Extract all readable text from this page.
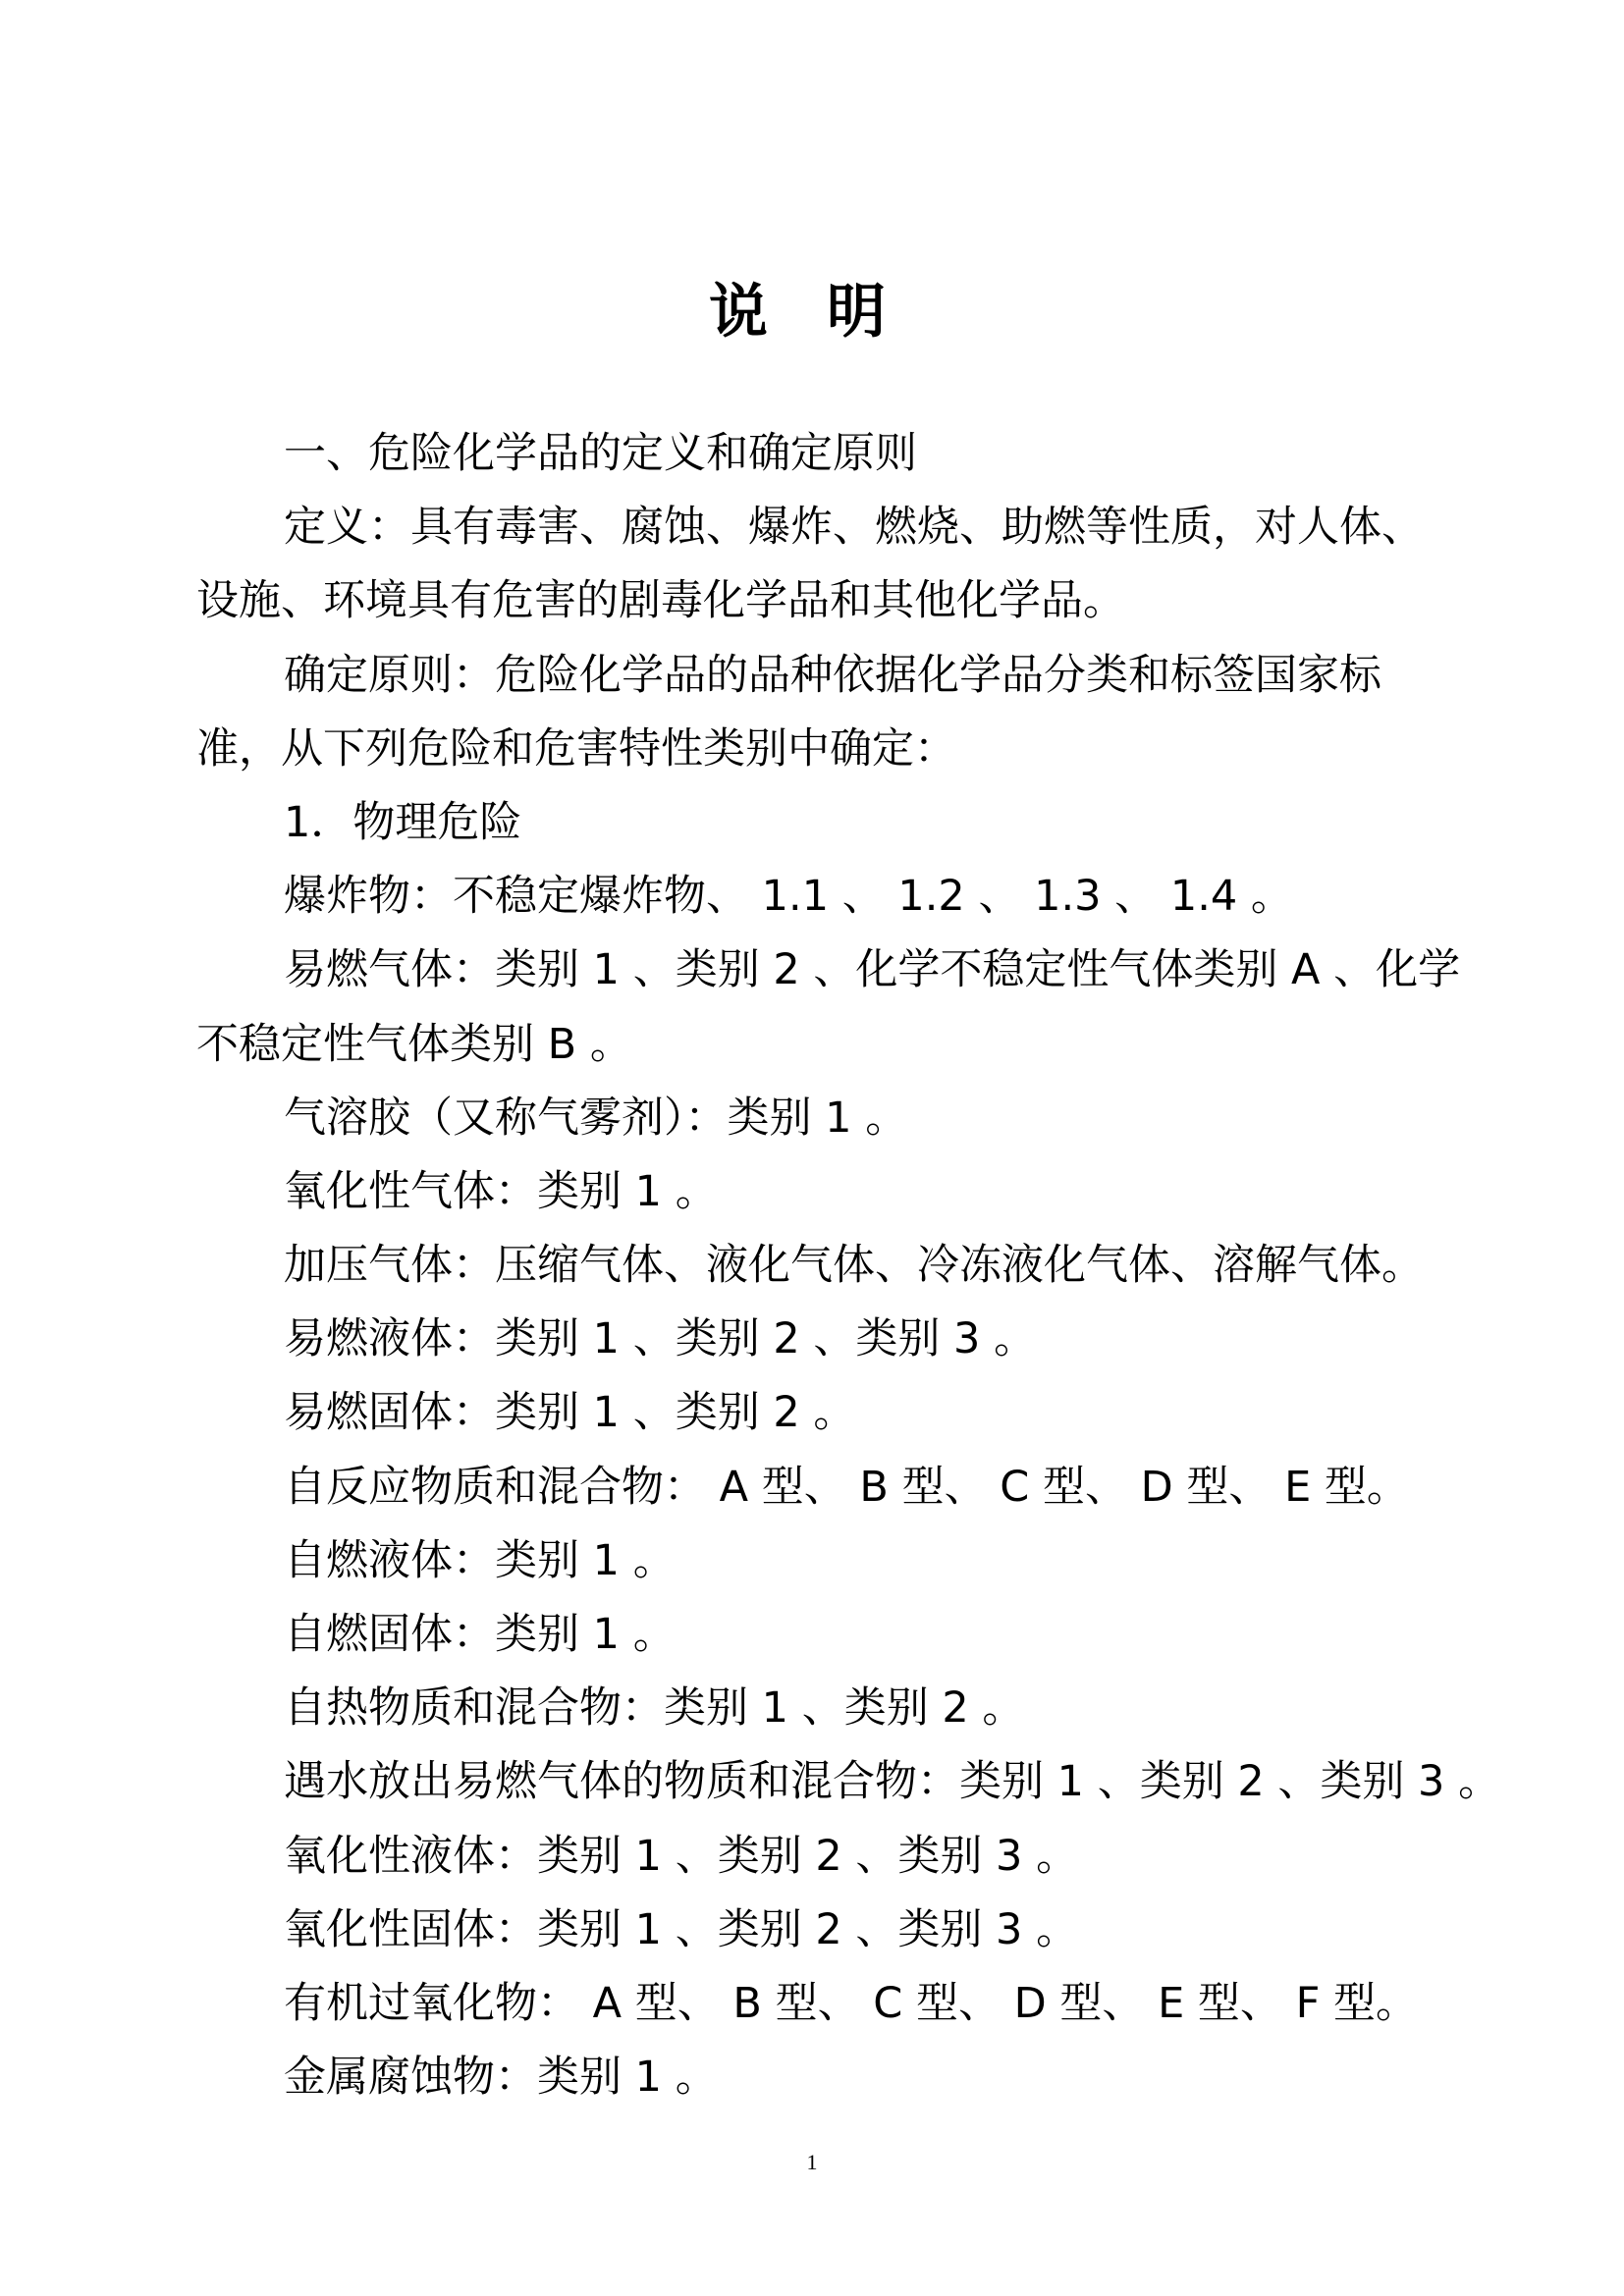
说明
一、危险化学品的定义和确定原则
定义：具有毒害、腐蚀、爆炸、燃烧、助燃等性质，对人体、
设施、环境具有危害的剧毒化学品和其他化学品。
确定原则：危险化学品的品种依据化学品分类和标签国家标
准，从下列危险和危害特性类别中确定：
1．物理危险
爆炸物：不稳定爆炸物、 1.1 、 1.2 、 1.3 、 1.4 。
易燃气体：类别 1 、类别 2 、化学不稳定性气体类别 A 、化学
不稳定性气体类别 B 。
气溶胶（又称气雾剂）：类别 1 。
氧化性气体：类别 1 。
加压气体：压缩气体、液化气体、冷冻液化气体、溶解气体。
易燃液体：类别 1 、类别 2 、类别 3 。
易燃固体：类别 1 、类别 2 。
自反应物质和混合物： A 型、 B 型、 C 型、 D 型、 E 型。
自燃液体：类别 1 。
自燃固体：类别 1 。
自热物质和混合物：类别 1 、类别 2 。
遇水放出易燃气体的物质和混合物：类别 1 、类别 2 、类别 3 。
氧化性液体：类别 1 、类别 2 、类别 3 。
氧化性固体：类别 1 、类别 2 、类别 3 。
有机过氧化物： A 型、 B 型、 C 型、 D 型、 E 型、 F 型。
金属腐蚀物：类别 1 。
1
